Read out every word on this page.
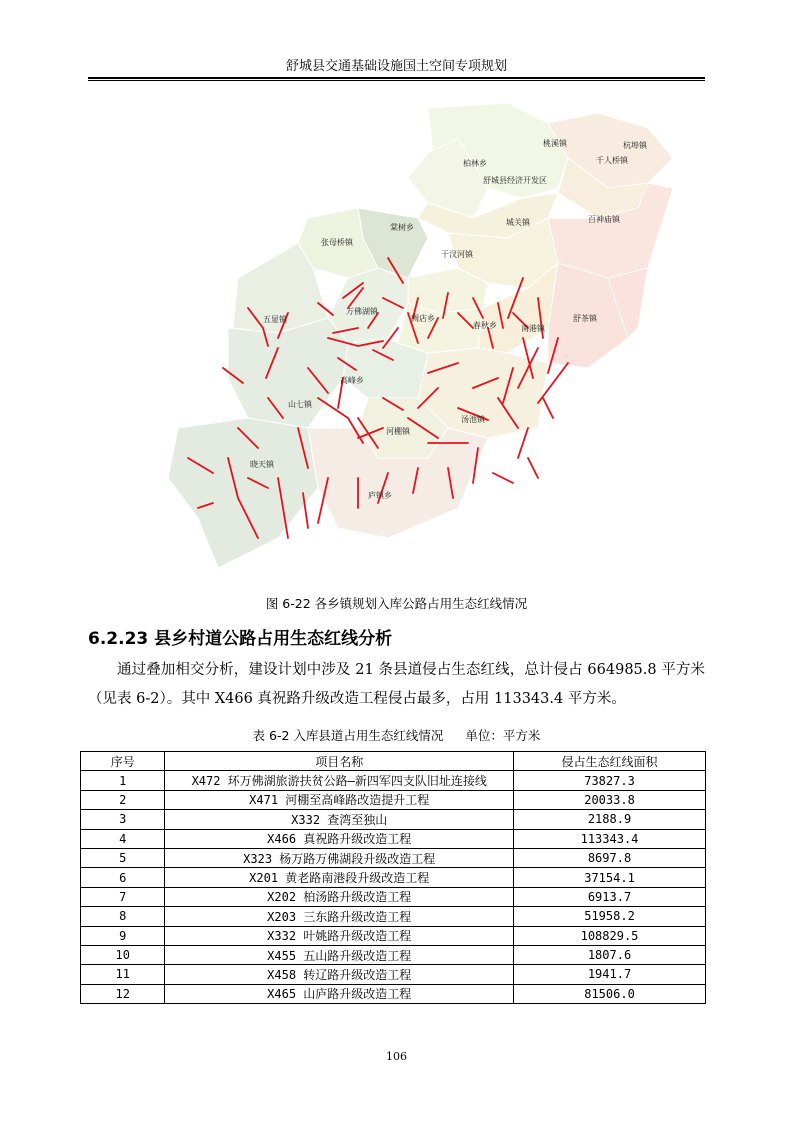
舒城县交通基础设施国土空间专项规划
桃溪镇	杭埠镇
柏林乡	千人桥镇
舒城县经济开发区
棠树乡
城关镇	百神庙镇
张母桥镇
干汊河镇
五显镇
万佛湖镇
阙店乡
春秋乡	南港镇
舒茶镇
高峰乡
山七镇
汤池镇
河棚镇
晓天镇
庐镇乡
图 6-22 各乡镇规划入库公路占用生态红线情况
6.2.23 县乡村道公路占用生态红线分析
通过叠加相交分析，建设计划中涉及 21 条县道侵占生态红线，总计侵占 664985.8 平方米（见表 6-2）。其中 X466 真祝路升级改造工程侵占最多，占用 113343.4 平方米。
表 6-2 入库县道占用生态红线情况 单位：平方米
序号	项目名称	侵占生态红线面积
1	X472 环万佛湖旅游扶贫公路—新四军四支队旧址连接线	73827.3
2	X471 河棚至高峰路改造提升工程	20033.8
3	X332 查湾至独山	2188.9
4	X466 真祝路升级改造工程	113343.4
5	X323 杨万路万佛湖段升级改造工程	8697.8
6	X201 黄老路南港段升级改造工程	37154.1
7	X202 柏汤路升级改造工程	6913.7
8	X203 三东路升级改造工程	51958.2
9	X332 叶姚路升级改造工程	108829.5
10	X455 五山路升级改造工程	1807.6
11	X458 转辽路升级改造工程	1941.7
12	X465 山庐路升级改造工程	81506.0
106
